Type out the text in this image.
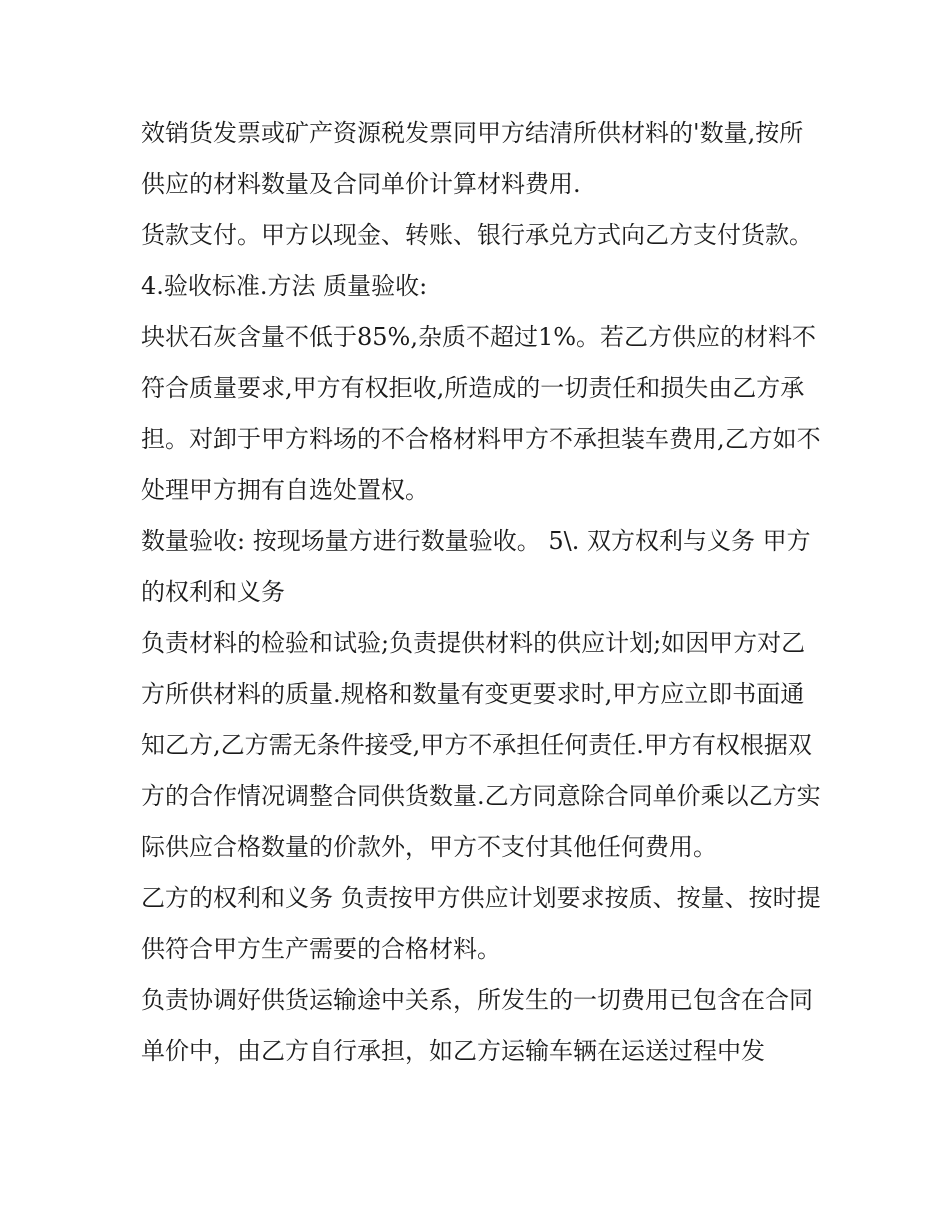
效销货发票或矿产资源税发票同甲方结清所供材料的'数量,按所供应的材料数量及合同单价计算材料费用.

货款支付。甲方以现金、转账、银行承兑方式向乙方支付货款。 4.验收标准.方法 质量验收:

块状石灰含量不低于85%,杂质不超过1%。若乙方供应的材料不符合质量要求,甲方有权拒收,所造成的一切责任和损失由乙方承担。对卸于甲方料场的不合格材料甲方不承担装车费用,乙方如不处理甲方拥有自选处置权。

数量验收: 按现场量方进行数量验收。 5\. 双方权利与义务 甲方的权利和义务

负责材料的检验和试验;负责提供材料的供应计划;如因甲方对乙方所供材料的质量.规格和数量有变更要求时,甲方应立即书面通知乙方,乙方需无条件接受,甲方不承担任何责任.甲方有权根据双方的合作情况调整合同供货数量.乙方同意除合同单价乘以乙方实际供应合格数量的价款外，甲方不支付其他任何费用。

乙方的权利和义务 负责按甲方供应计划要求按质、按量、按时提供符合甲方生产需要的合格材料。

负责协调好供货运输途中关系，所发生的一切费用已包含在合同单价中，由乙方自行承担，如乙方运输车辆在运送过程中发
